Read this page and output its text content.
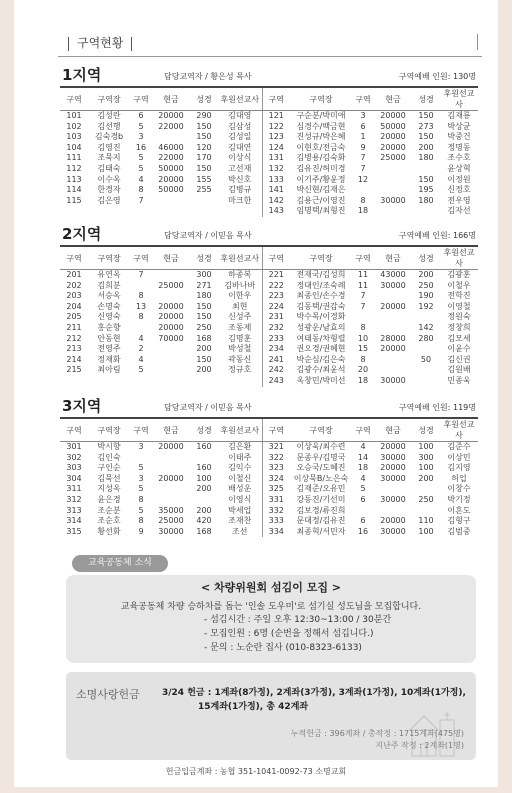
구역현황
1지역	담당교역자 / 황은성 목사	구역예배 인원: 130명
구역	구역장	구역	현금	성경	후원선교사	구역	구역장	구역	현금	성경	후원선교사
101	김성란	6	20000	290	김대영	121	구순분/박미애	3	20000	150	김재룡
102	김선행	5	22000	150	김삼성	122	심경수/백금현	6	50000	273	박상균
103	김숙경b	3		150	김성일	123	진성규/박은혜	1	20000	150	박중건
104	김영진	16	46000	120	김대연	124	이현호/전금숙	9	20000	200	정명동
111	조묵지	5	22000	170	이상식	131	김병용/김숙화	7	25000	180	조수호
112	김태숙	5	50000	150	고선재	132	김유진/허미경	7			윤상혁
113	이수옥	4	20000	155	박신호	133	이기주/황윤정	12		150	이정원
114	한경자	8	50000	255	김병규	141	박신현/김재은			195	신정호
115	김은영	7			마크한	142	김용근/이영진	8	30000	180	전우영
						143	임명택/최형진	18			김자선
2지역	담당교역자 / 이믿음 목사	구역예배 인원: 166명
구역	구역장	구역	현금	성경	후원선교사	구역	구역장	구역	현금	성경	후원선교사
201	유연옥	7		300	하종복	221	전재국/김성희	11	43000	200	김광훈
202	김희분		25000	271	김바나바	222	정대인/조숙례	11	30000	250	이철우
203	서승옥	8		180	이한우	223	최종인/손수경	7		190	전학진
204	손명숙	13	20000	150	최현	224	김동택/권감숙	7	20000	192	이영철
205	신영숙	8	20000	150	신성주	231	박수목/이경화				정원숙
211	홍순향		20000	250	조동제	232	성광운/남효의	8		142	정창희
212	안동현	4	70000	168	김명훈	233	여태동/차형렬	10	28000	280	김모세
213	전영주	2		200	박성철	234	권오경/권혜현	15	20000		이윤수
214	정재화	4		150	곽동신	241	박순심/김은숙	8		50	김신권
215	최아림	5		200	정규호	242	김광수/최윤석	20			김원배
						243	옥창민/박미선	18	30000		민종욱
3지역	담당교역자 / 이믿음 목사	구역예배 인원: 119명
구역	구역장	구역	현금	성경	후원선교사	구역	구역장	구역	현금	성경	후원선교사
301	박시향	3	20000	160	김은환	321	이상욱/최수련	4	20000	100	김준수
302	김인숙				이태주	322	문종우/김명국	14	30000	300	이상민
303	구인순	5		160	김익수	323	오승국/도혜진	18	20000	100	김지영
304	김묵선	3	20000	100	이철신	324	이상묵B/노은숙	4	30000	200	허업
311	지성옥	5		200	배성운	325	김재준/오유민	5			이창수
312	윤은경	8			이영식	331	강동진/기선미	6	30000	250	박기정
313	조순분	5	35000	200	박세업	332	김보경/류진희				이흔도
314	조순호	8	25000	420	조재찬	333	문대정/김유진	6	20000	110	김형구
315	황선화	9	30000	168	조선	334	최종혁/서민자	16	30000	100	김범중
교육공동체 소식
< 차량위원회 섬김이 모집 >
교육공동체 차량 승하차를 돕는 '인솔 도우미'로 섬기실 성도님을 모집합니다.
- 섬김시간 : 주일 오후 12:30~13:00 / 30분간
- 모집인원 : 6명 (순번을 정해서 섬깁니다.)
- 문의 : 노순란 집사 (010-8323-6133)
소명사랑헌금 3/24 헌금 : 1계좌(8가정), 2계좌(3가정), 3계좌(1가정), 10계좌(1가정),
15계좌(1가정), 총 42계좌
누적헌금 : 396계좌 / 총작정 : 1715계좌(475명)
지난주 작정 : 2계좌(1명)
헌금입금계좌 : 농협 351-1041-0092-73 소명교회
